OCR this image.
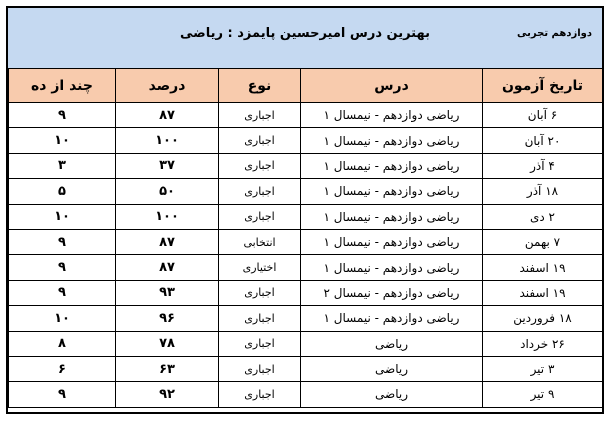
بهترین درس امیرحسین پایمزد : ریاضی	دوازدهم تجربی
تاریخ آزمون	درس	نوع	درصد	چند از ده
۶ آبان	ریاضی دوازدهم - نیمسال ۱	اجباری	۸۷	۹
۲۰ آبان	ریاضی دوازدهم - نیمسال ۱	اجباری	۱۰۰	۱۰
۴ آذر	ریاضی دوازدهم - نیمسال ۱	اجباری	۳۷	۳
۱۸ آذر	ریاضی دوازدهم - نیمسال ۱	اجباری	۵۰	۵
۲ دی	ریاضی دوازدهم - نیمسال ۱	اجباری	۱۰۰	۱۰
۷ بهمن	ریاضی دوازدهم - نیمسال ۱	انتخابی	۸۷	۹
۱۹ اسفند	ریاضی دوازدهم - نیمسال ۱	اختیاری	۸۷	۹
۱۹ اسفند	ریاضی دوازدهم - نیمسال ۲	اجباری	۹۳	۹
۱۸ فروردین	ریاضی دوازدهم - نیمسال ۱	اجباری	۹۶	۱۰
۲۶ خرداد	ریاضی	اجباری	۷۸	۸
۳ تیر	ریاضی	اجباری	۶۳	۶
۹ تیر	ریاضی	اجباری	۹۲	۹
